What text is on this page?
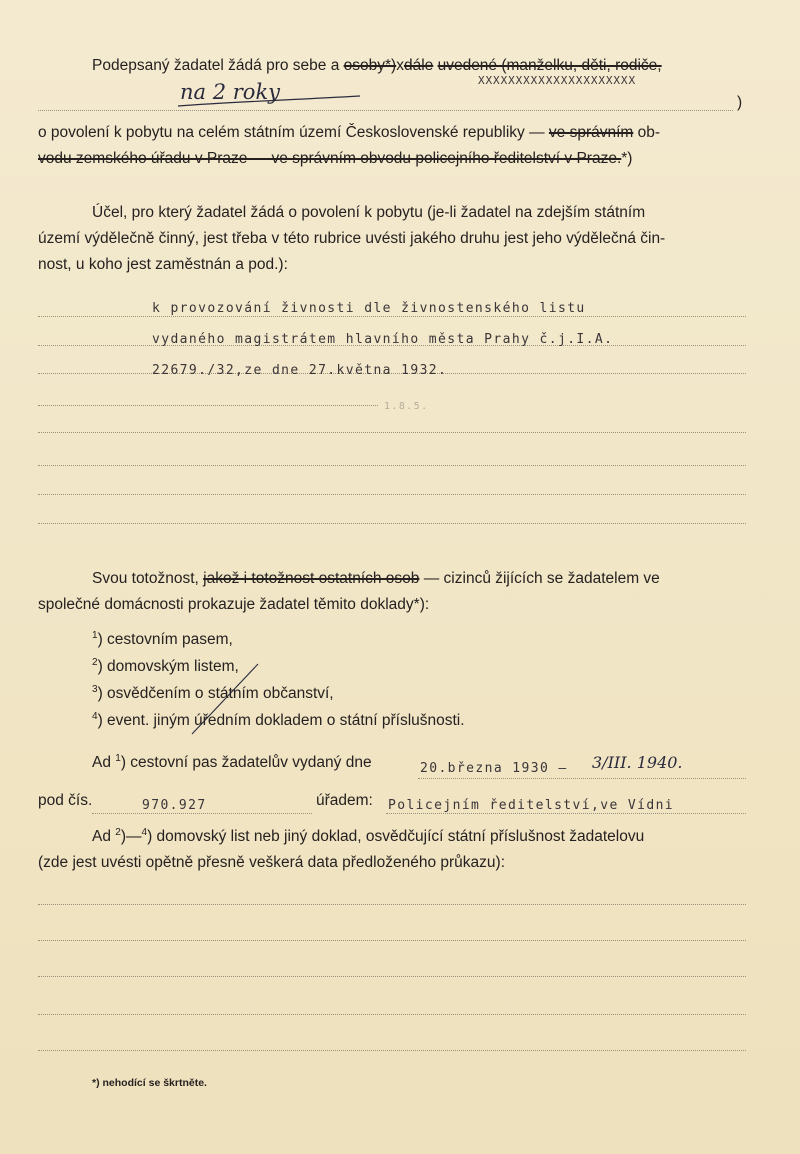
Podepsaný žadatel žádá pro sebe a osoby*)xdále uvedené (manželku, děti, rodiče,
XXXXXXXXXXXXXXXXXXXXX
na 2 roky	)
o povolení k pobytu na celém státním území Československé republiky — ve správním ob-
vodu zemského úřadu v Praze — ve správním obvodu policejního ředitelství v Praze.*)
Účel, pro který žadatel žádá o povolení k pobytu (je-li žadatel na zdejším státním
území výdělečně činný, jest třeba v této rubrice uvésti jakého druhu jest jeho výdělečná čin-
nost, u koho jest zaměstnán a pod.):
k provozování živnosti dle živnostenského listu
vydaného magistrátem hlavního města Prahy č.j.I.A.
22679./32,ze dne 27.května 1932.
1.8.5.
Svou totožnost, jakož i totožnost ostatních osob — cizinců žijících se žadatelem ve
společné domácnosti prokazuje žadatel těmito doklady*):
$^1$) cestovním pasem,
$^2$) domovským listem,
$^3$) osvědčením o státním občanství,
$^4$) event. jiným úředním dokladem o státní příslušnosti.
Ad $^1$) cestovní pas žadatelův vydaný dne	20.března 1930 — 3/III. 1940.
pod čís.	970.927	úřadem: Policejním ředitelství,ve Vídni
Ad $^2$)—$^4$) domovský list neb jiný doklad, osvědčující státní příslušnost žadatelovu
(zde jest uvésti opětně přesně veškerá data předloženého průkazu):
*) nehodící se škrtněte.
